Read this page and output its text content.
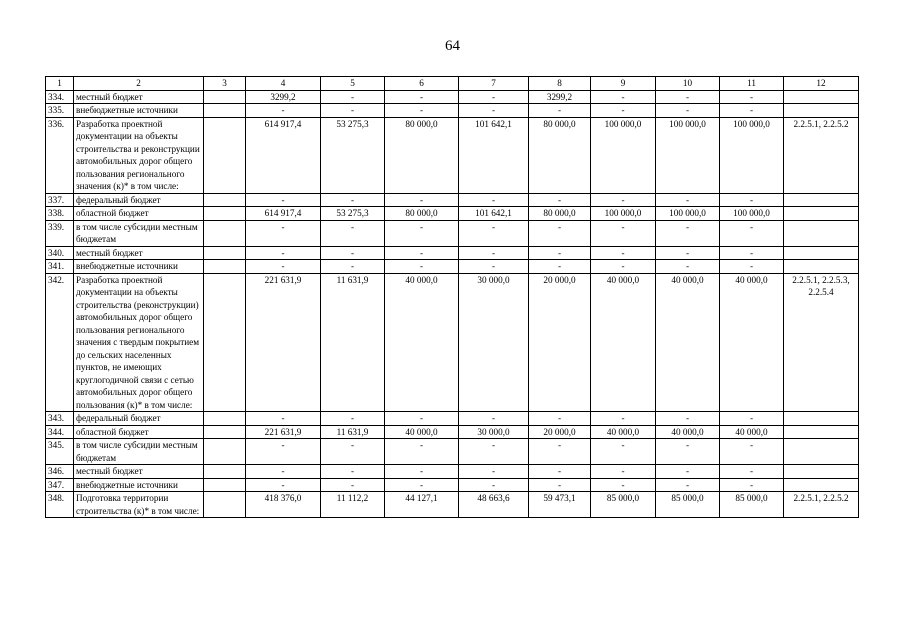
64
1	2	3	4	5	6	7	8	9	10	11	12
334.	местный бюджет		3299,2	-	-	-	3299,2	-	-	-	
335.	внебюджетные источники		-	-	-	-	-	-	-	-	
336.	Разработка проектной документации на объекты строительства и реконструкции автомобильных дорог общего пользования регионального значения (к)* в том числе:		614 917,4	53 275,3	80 000,0	101 642,1	80 000,0	100 000,0	100 000,0	100 000,0	2.2.5.1, 2.2.5.2
337.	федеральный бюджет		-	-	-	-	-	-	-	-	
338.	областной бюджет		614 917,4	53 275,3	80 000,0	101 642,1	80 000,0	100 000,0	100 000,0	100 000,0	
339.	в том числе субсидии местным бюджетам		-	-	-	-	-	-	-	-	
340.	местный бюджет		-	-	-	-	-	-	-	-	
341.	внебюджетные источники		-	-	-	-	-	-	-	-	
342.	Разработка проектной документации на объекты строительства (реконструкции) автомобильных дорог общего пользования регионального значения с твердым покрытием до сельских населенных пунктов, не имеющих круглогодичной связи с сетью автомобильных дорог общего пользования (к)* в том числе:		221 631,9	11 631,9	40 000,0	30 000,0	20 000,0	40 000,0	40 000,0	40 000,0	2.2.5.1, 2.2.5.3, 2.2.5.4
343.	федеральный бюджет		-	-	-	-	-	-	-	-	
344.	областной бюджет		221 631,9	11 631,9	40 000,0	30 000,0	20 000,0	40 000,0	40 000,0	40 000,0	
345.	в том числе субсидии местным бюджетам		-	-	-	-	-	-	-	-	
346.	местный бюджет		-	-	-	-	-	-	-	-	
347.	внебюджетные источники		-	-	-	-	-	-	-	-	
348.	Подготовка территории строительства (к)* в том числе:		418 376,0	11 112,2	44 127,1	48 663,6	59 473,1	85 000,0	85 000,0	85 000,0	2.2.5.1, 2.2.5.2
